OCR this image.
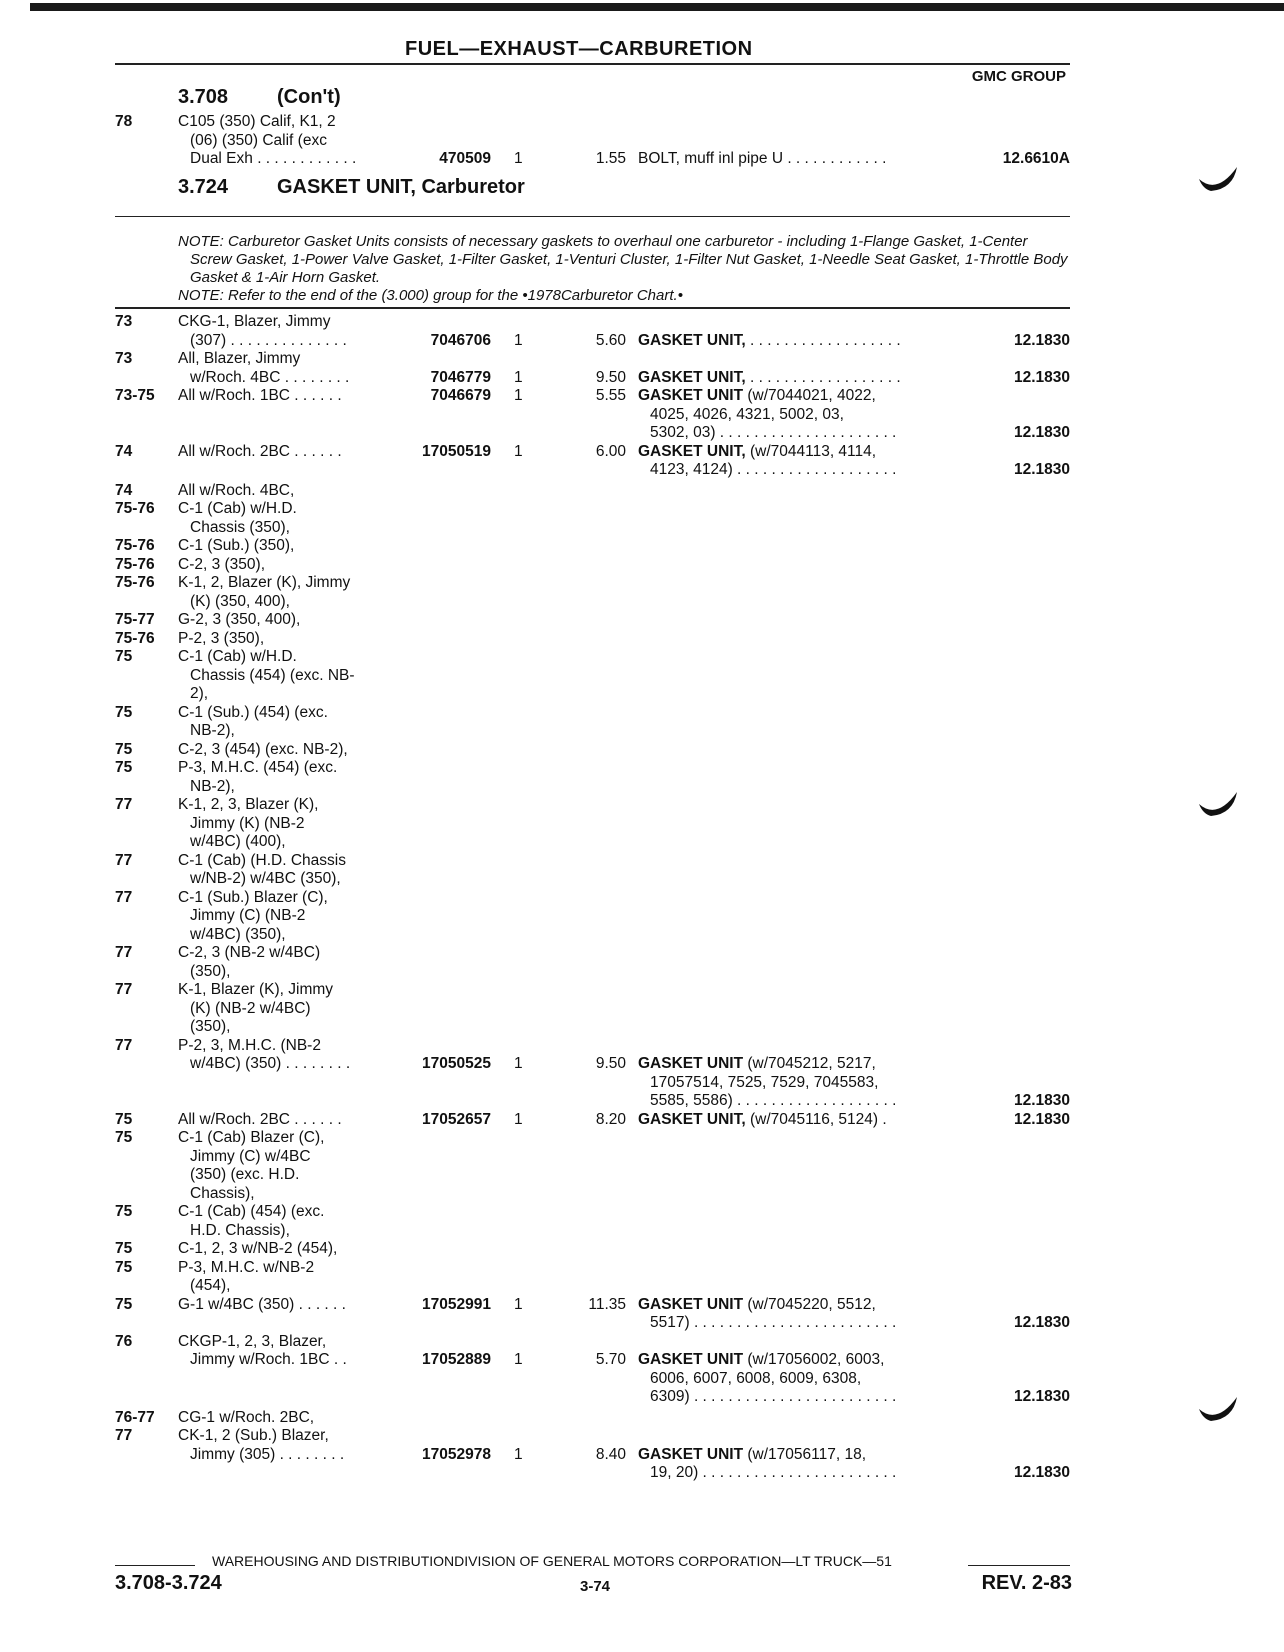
FUEL—EXHAUST—CARBURETION
GMC GROUP
3.708 (Con't)
78	C105 (350) Calif, K1, 2
(06) (350) Calif (exc
Dual Exh . . . . . . . . . . . .	470509 1	1.55 BOLT, muff inl pipe U . . . . . . . . . . . .	12.6610A
3.724 GASKET UNIT, Carburetor

NOTE: Carburetor Gasket Units consists of necessary gaskets to overhaul one carburetor - including 1-Flange Gasket, 1-Center Screw Gasket, 1-Power Valve Gasket, 1-Filter Gasket, 1-Venturi Cluster, 1-Filter Nut Gasket, 1-Needle Seat Gasket, 1-Throttle Body Gasket & 1-Air Horn Gasket.

NOTE: Refer to the end of the (3.000) group for the •1978Carburetor Chart.•

73	CKG-1, Blazer, Jimmy
(307) . . . . . . . . . . . . . .	7046706 1	5.60 GASKET UNIT, . . . . . . . . . . . . . . . . . .	12.1830
73	All, Blazer, Jimmy
w/Roch. 4BC . . . . . . . .	7046779 1	9.50 GASKET UNIT, . . . . . . . . . . . . . . . . . .	12.1830
73-75 All w/Roch. 1BC . . . . . .	7046679 1	5.55 GASKET UNIT (w/7044021, 4022,
4025, 4026, 4321, 5002, 03,
5302, 03) . . . . . . . . . . . . . . . . . . . . .	12.1830
74	All w/Roch. 2BC . . . . . .	17050519 1	6.00 GASKET UNIT, (w/7044113, 4114,
4123, 4124) . . . . . . . . . . . . . . . . . . .	12.1830
74	All w/Roch. 4BC,
75-76 C-1 (Cab) w/H.D.
Chassis (350),
75-76 C-1 (Sub.) (350),
75-76 C-2, 3 (350),
75-76 K-1, 2, Blazer (K), Jimmy
(K) (350, 400),
75-77 G-2, 3 (350, 400),
75-76 P-2, 3 (350),
75	C-1 (Cab) w/H.D.
Chassis (454) (exc. NB-
2),
75	C-1 (Sub.) (454) (exc.
NB-2),
75	C-2, 3 (454) (exc. NB-2),
75	P-3, M.H.C. (454) (exc.
NB-2),
77	K-1, 2, 3, Blazer (K),
Jimmy (K) (NB-2
w/4BC) (400),
77	C-1 (Cab) (H.D. Chassis
w/NB-2) w/4BC (350),
77	C-1 (Sub.) Blazer (C),
Jimmy (C) (NB-2
w/4BC) (350),
77	C-2, 3 (NB-2 w/4BC)
(350),
77	K-1, Blazer (K), Jimmy
(K) (NB-2 w/4BC)
(350),
77	P-2, 3, M.H.C. (NB-2
w/4BC) (350) . . . . . . . .	17050525 1	9.50 GASKET UNIT (w/7045212, 5217,
17057514, 7525, 7529, 7045583,
5585, 5586) . . . . . . . . . . . . . . . . . . .	12.1830
75	All w/Roch. 2BC . . . . . .	17052657 1	8.20 GASKET UNIT, (w/7045116, 5124) .	12.1830
75	C-1 (Cab) Blazer (C),
Jimmy (C) w/4BC
(350) (exc. H.D.
Chassis),
75	C-1 (Cab) (454) (exc.
H.D. Chassis),
75	C-1, 2, 3 w/NB-2 (454),
75	P-3, M.H.C. w/NB-2
(454),
75	G-1 w/4BC (350) . . . . . .	17052991 1	11.35 GASKET UNIT (w/7045220, 5512,
5517) . . . . . . . . . . . . . . . . . . . . . . . .	12.1830
76	CKGP-1, 2, 3, Blazer,
Jimmy w/Roch. 1BC . .	17052889 1	5.70 GASKET UNIT (w/17056002, 6003,
6006, 6007, 6008, 6009, 6308,
6309) . . . . . . . . . . . . . . . . . . . . . . . .	12.1830
76-77 CG-1 w/Roch. 2BC,
77	CK-1, 2 (Sub.) Blazer,
Jimmy (305) . . . . . . . .	17052978 1	8.40 GASKET UNIT (w/17056117, 18,
19, 20) . . . . . . . . . . . . . . . . . . . . . . .	12.1830
WAREHOUSING AND DISTRIBUTIONDIVISION OF GENERAL MOTORS CORPORATION—LT TRUCK—51
3.708-3.724	3-74	REV. 2-83
